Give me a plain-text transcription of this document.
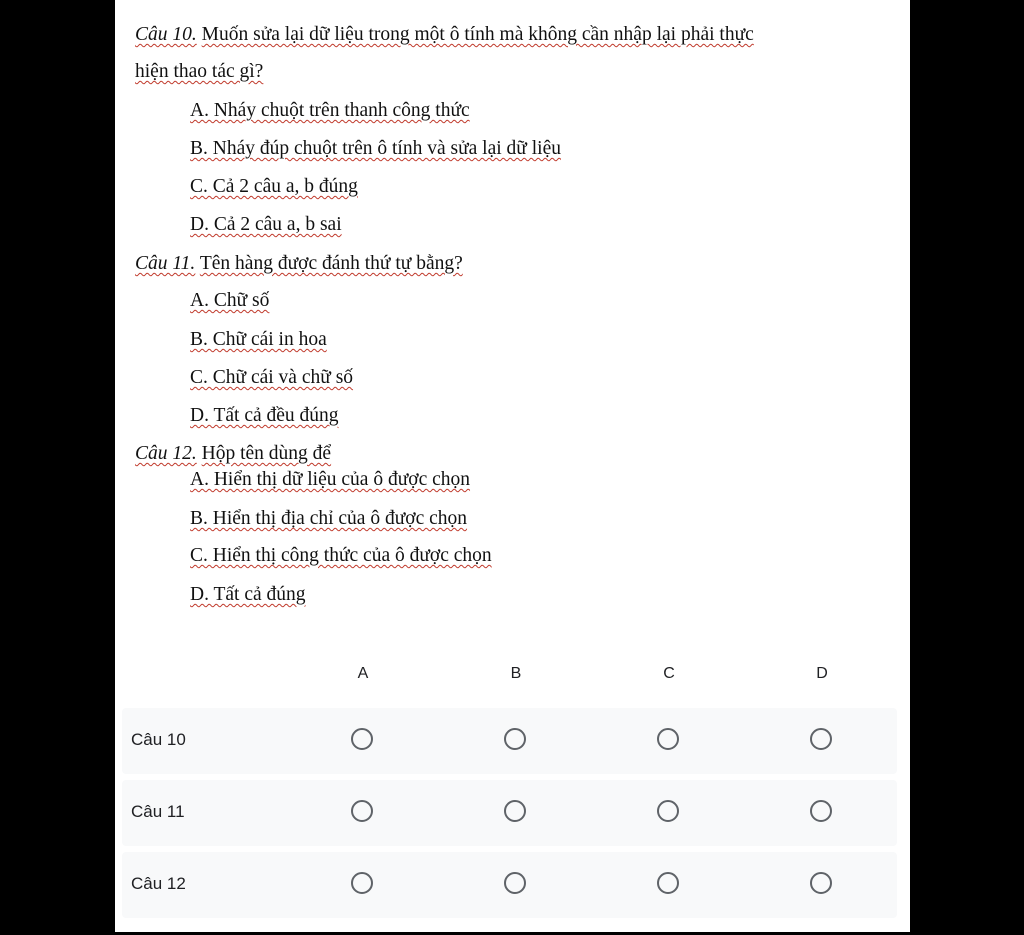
Câu 10. Muốn sửa lại dữ liệu trong một ô tính mà không cần nhập lại phải thực
hiện thao tác gì?
A. Nháy chuột trên thanh công thức
B. Nháy đúp chuột trên ô tính và sửa lại dữ liệu
C. Cả 2 câu a, b đúng
D. Cả 2 câu a, b sai
Câu 11. Tên hàng được đánh thứ tự bằng?
A. Chữ số
B. Chữ cái in hoa
C. Chữ cái và chữ số
D. Tất cả đều đúng
Câu 12. Hộp tên dùng để
A. Hiển thị dữ liệu của ô được chọn
B. Hiển thị địa chỉ của ô được chọn
C. Hiển thị công thức của ô được chọn
D. Tất cả đúng
A	B	C	D
Câu 10
Câu 11
Câu 12
